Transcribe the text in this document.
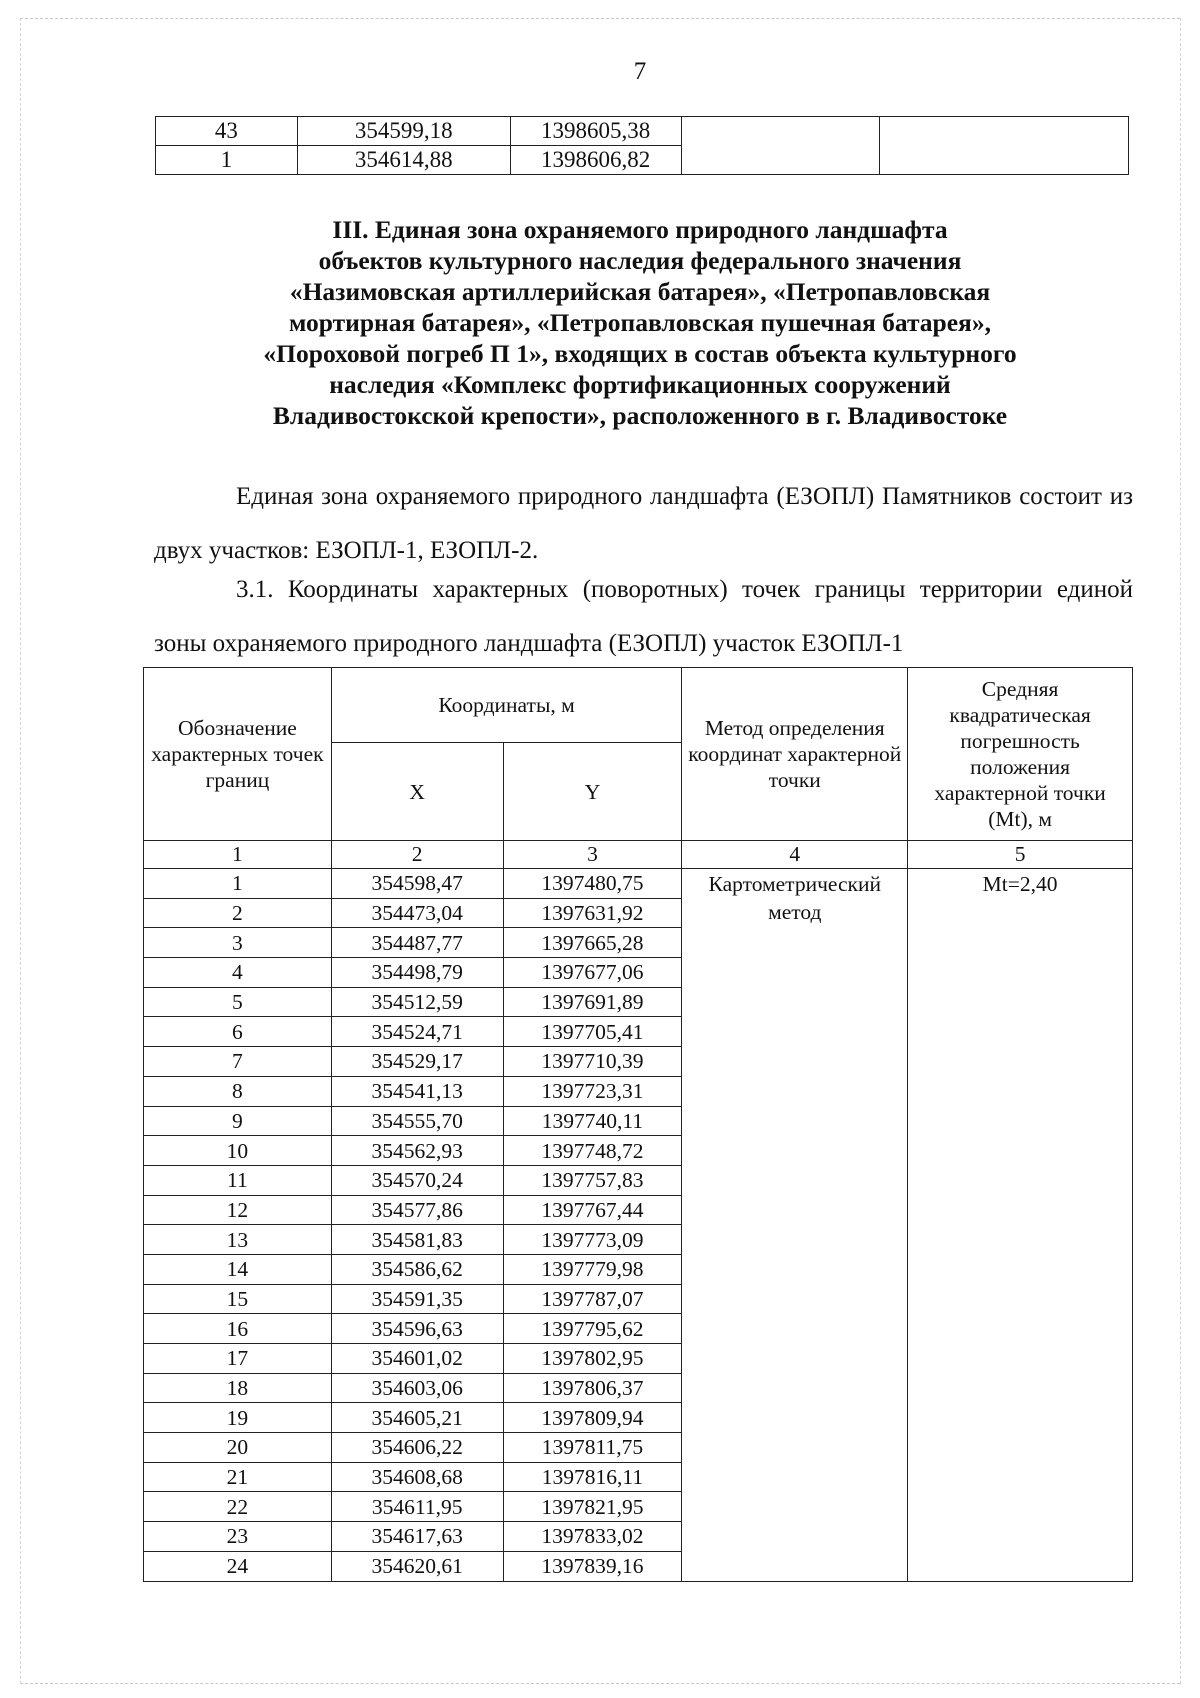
7
43	354599,18	1398605,38		
1	354614,88	1398606,82		
III. Единая зона охраняемого природного ландшафта
объектов культурного наследия федерального значения
«Назимовская артиллерийская батарея», «Петропавловская
мортирная батарея», «Петропавловская пушечная батарея»,
«Пороховой погреб П 1», входящих в состав объекта культурного
наследия «Комплекс фортификационных сооружений
Владивостокской крепости», расположенного в г. Владивостоке
Единая зона охраняемого природного ландшафта (ЕЗОПЛ) Памятников состоит из двух участков: ЕЗОПЛ-1, ЕЗОПЛ-2.
3.1. Координаты характерных (поворотных) точек границы территории единой зоны охраняемого природного ландшафта (ЕЗОПЛ) участок ЕЗОПЛ-1
Обозначение характерных точек границ	Координаты, м		Метод определения координат характерной точки	Средняя квадратическая погрешность положения характерной точки (Mt), м
	X	Y		
1	2	3	4	5
1	354598,47	1397480,75	Картометрический метод	Mt=2,40
2	354473,04	1397631,92		
3	354487,77	1397665,28		
4	354498,79	1397677,06		
5	354512,59	1397691,89		
6	354524,71	1397705,41		
7	354529,17	1397710,39		
8	354541,13	1397723,31		
9	354555,70	1397740,11		
10	354562,93	1397748,72		
11	354570,24	1397757,83		
12	354577,86	1397767,44		
13	354581,83	1397773,09		
14	354586,62	1397779,98		
15	354591,35	1397787,07		
16	354596,63	1397795,62		
17	354601,02	1397802,95		
18	354603,06	1397806,37		
19	354605,21	1397809,94		
20	354606,22	1397811,75		
21	354608,68	1397816,11		
22	354611,95	1397821,95		
23	354617,63	1397833,02		
24	354620,61	1397839,16		
